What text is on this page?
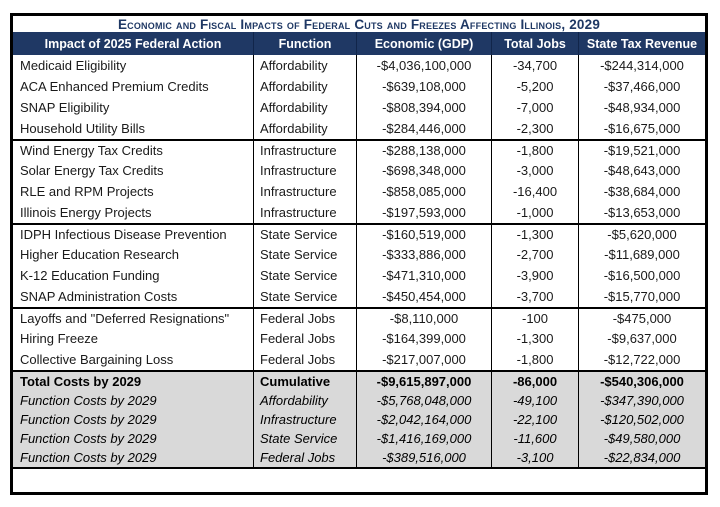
Economic and Fiscal Impacts of Federal Cuts and Freezes Affecting Illinois, 2029
Impact of 2025 Federal Action	Function	Economic (GDP)	Total Jobs	State Tax Revenue
Medicaid Eligibility	Affordability	-$4,036,100,000	-34,700	-$244,314,000
ACA Enhanced Premium Credits	Affordability	-$639,108,000	-5,200	-$37,466,000
SNAP Eligibility	Affordability	-$808,394,000	-7,000	-$48,934,000
Household Utility Bills	Affordability	-$284,446,000	-2,300	-$16,675,000
Wind Energy Tax Credits	Infrastructure	-$288,138,000	-1,800	-$19,521,000
Solar Energy Tax Credits	Infrastructure	-$698,348,000	-3,000	-$48,643,000
RLE and RPM Projects	Infrastructure	-$858,085,000	-16,400	-$38,684,000
Illinois Energy Projects	Infrastructure	-$197,593,000	-1,000	-$13,653,000
IDPH Infectious Disease Prevention	State Service	-$160,519,000	-1,300	-$5,620,000
Higher Education Research	State Service	-$333,886,000	-2,700	-$11,689,000
K-12 Education Funding	State Service	-$471,310,000	-3,900	-$16,500,000
SNAP Administration Costs	State Service	-$450,454,000	-3,700	-$15,770,000
Layoffs and "Deferred Resignations"	Federal Jobs	-$8,110,000	-100	-$475,000
Hiring Freeze	Federal Jobs	-$164,399,000	-1,300	-$9,637,000
Collective Bargaining Loss	Federal Jobs	-$217,007,000	-1,800	-$12,722,000
Total Costs by 2029	Cumulative	-$9,615,897,000	-86,000	-$540,306,000
Function Costs by 2029	Affordability	-$5,768,048,000	-49,100	-$347,390,000
Function Costs by 2029	Infrastructure	-$2,042,164,000	-22,100	-$120,502,000
Function Costs by 2029	State Service	-$1,416,169,000	-11,600	-$49,580,000
Function Costs by 2029	Federal Jobs	-$389,516,000	-3,100	-$22,834,000
